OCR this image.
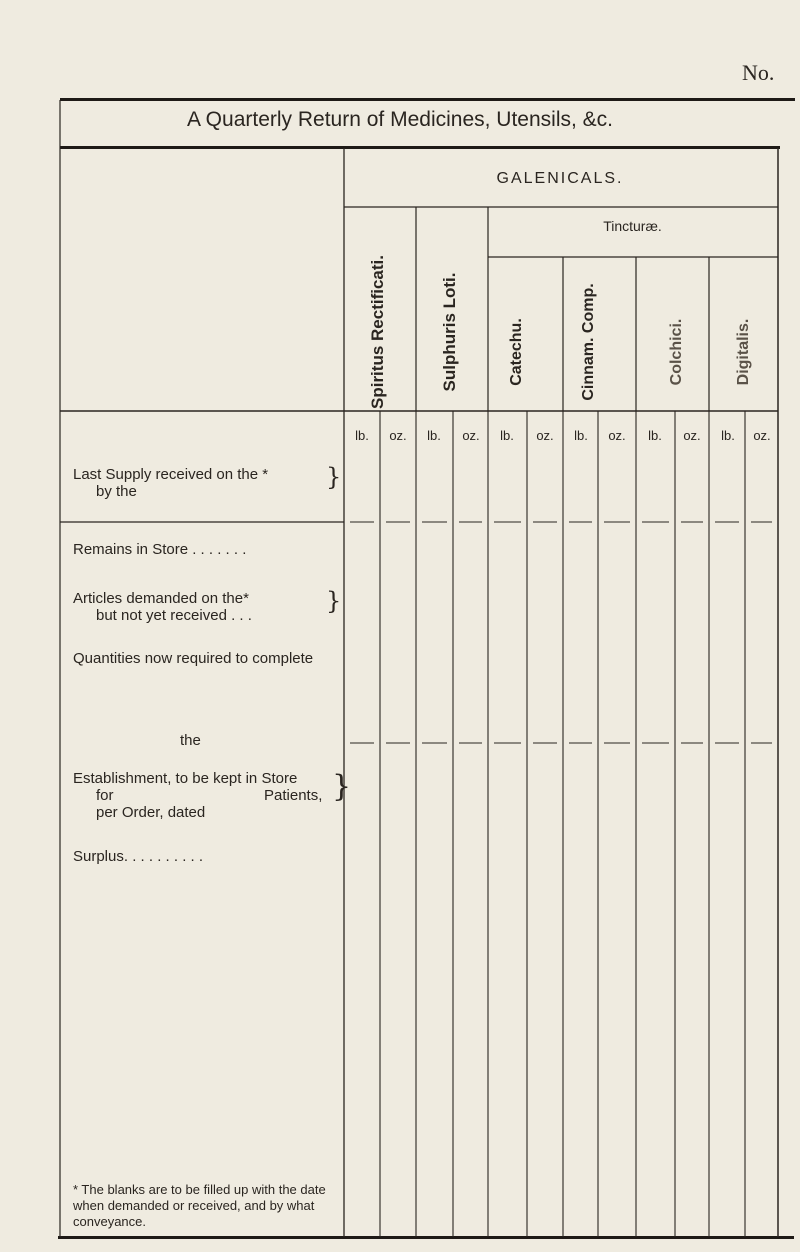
No.
A Quarterly Return of Medicines, Utensils, &c.
GALENICALS.
Tincturæ.
Spiritus Rectificati.	Sulphuris Loti.	Catechu.	Cinnam. Comp.	Colchici.	Digitalis.
lb.	oz.	lb.	oz.	lb.	oz.	lb.	oz.	lb.	oz.	lb.	oz.
Last Supply received on the *
by the
}
Remains in Store . . . . . . .
Articles demanded on the*
but not yet received . . .
}
Quantities now required to complete
the
Establishment, to be kept in Store
for	Patients,
per Order, dated
}
Surplus. . . . . . . . . .
* The blanks are to be filled up with the date when demanded or received, and by what conveyance.
